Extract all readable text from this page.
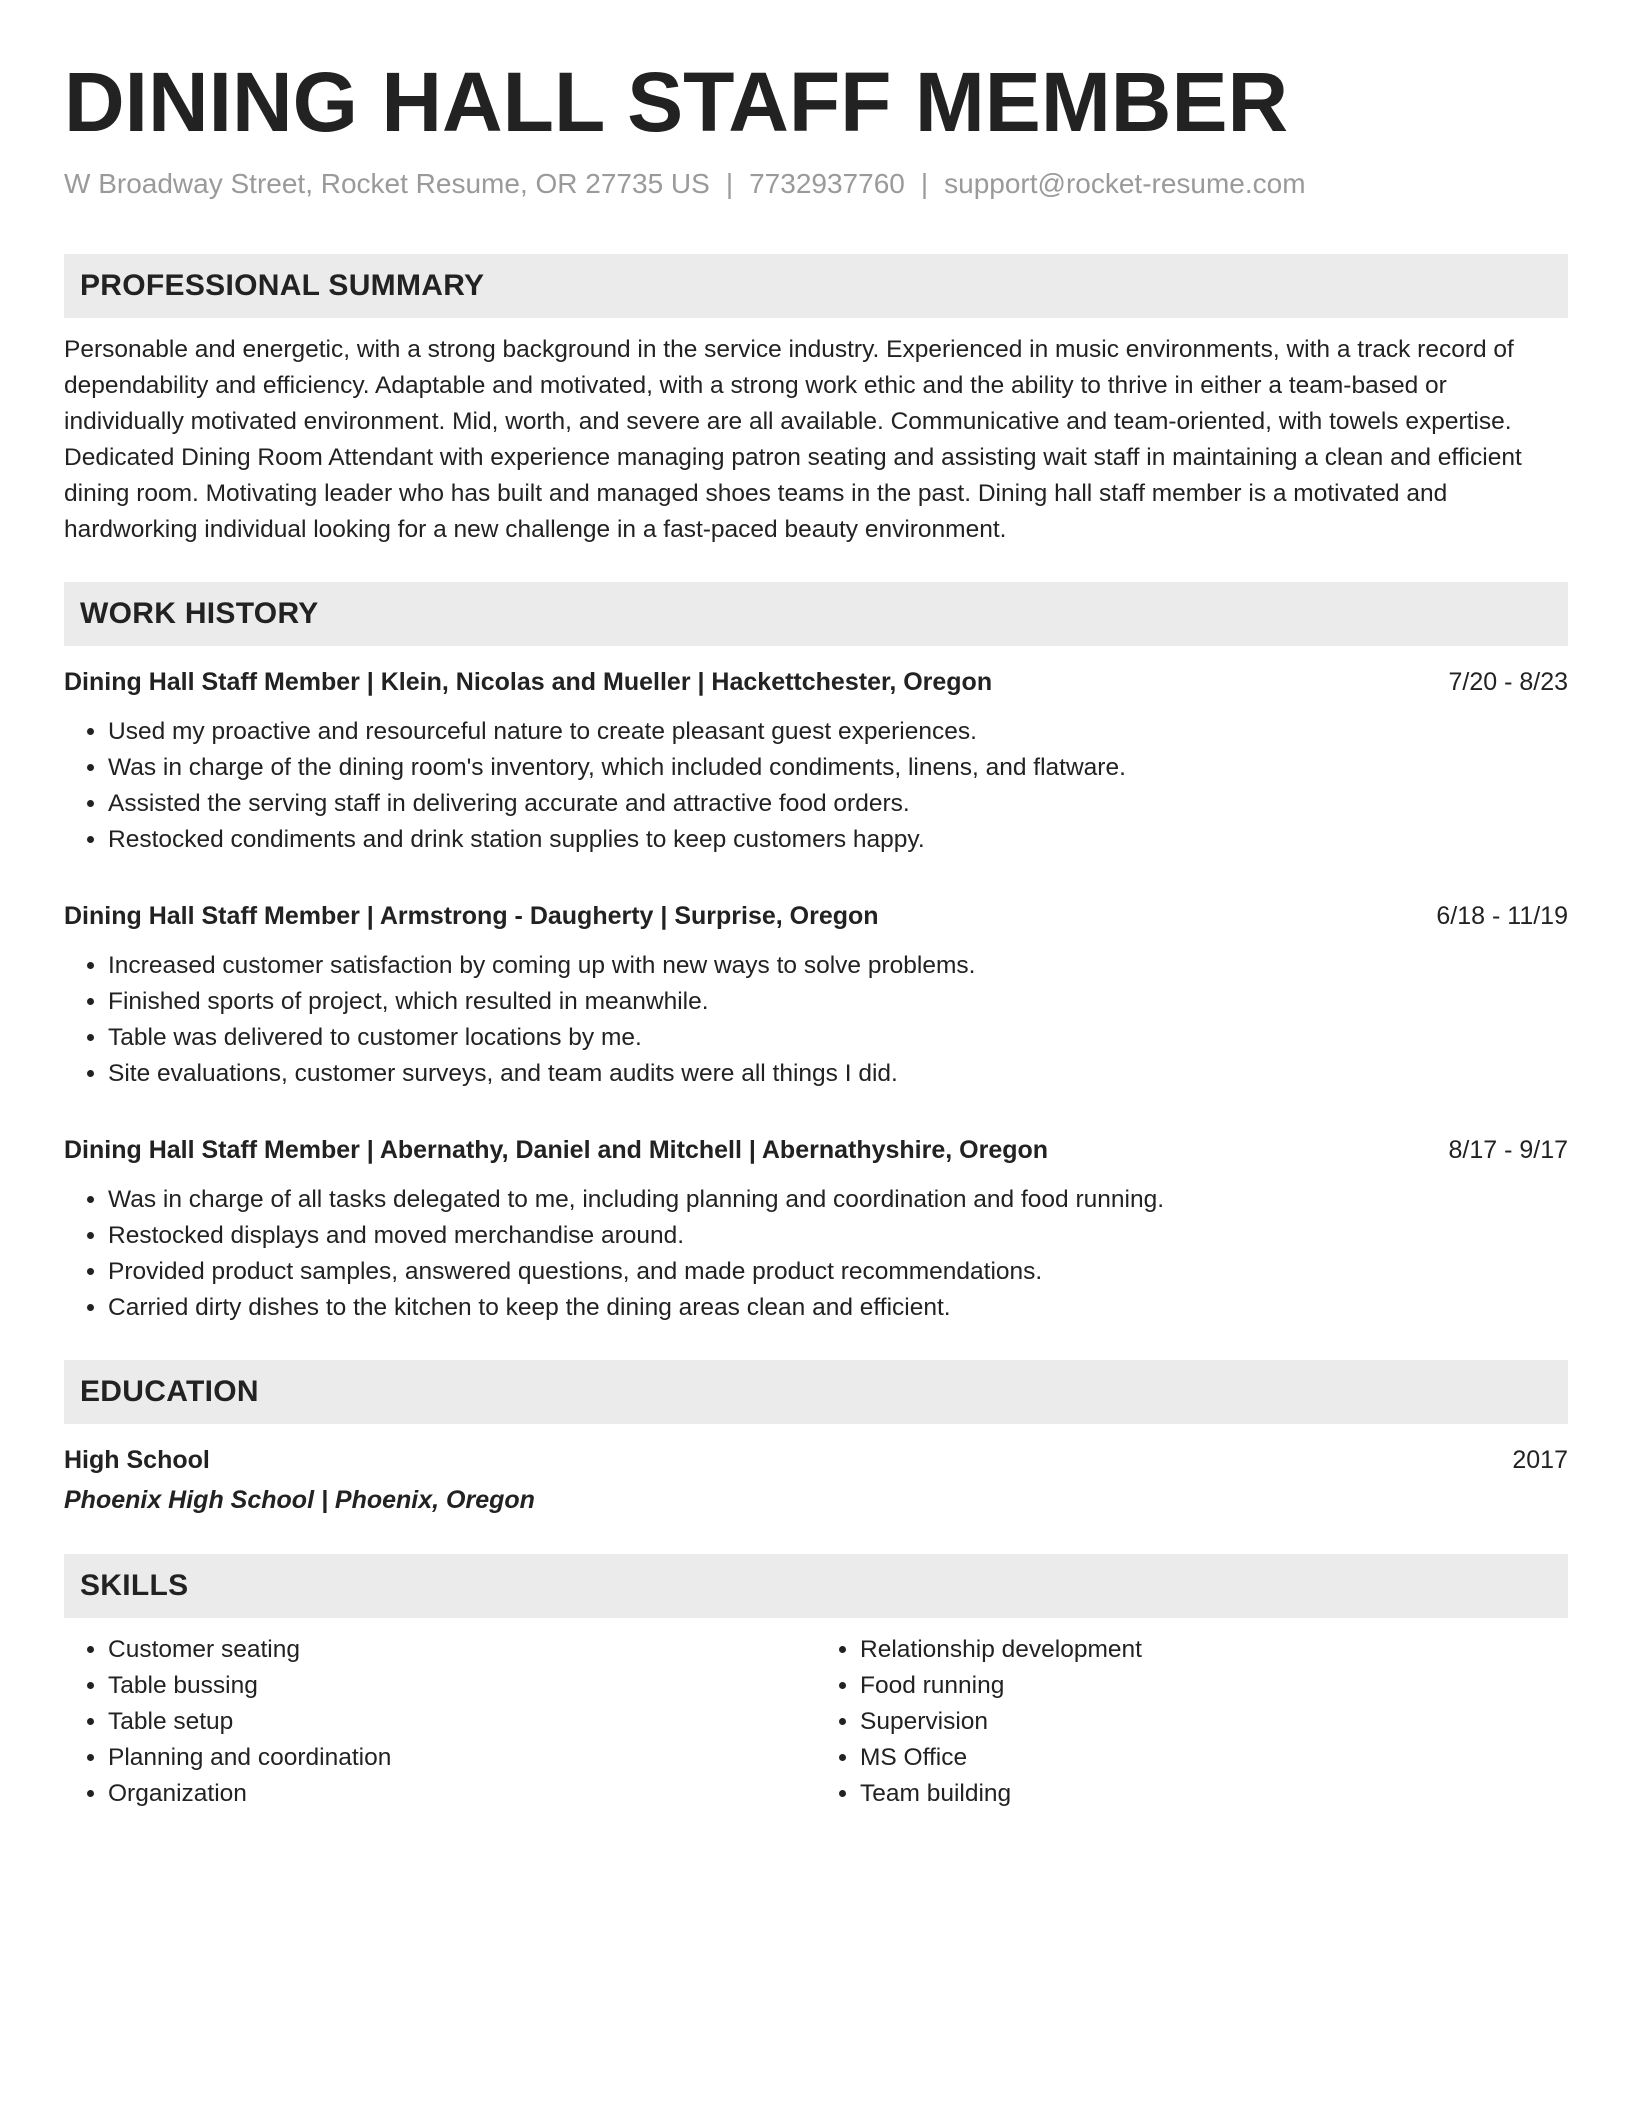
DINING HALL STAFF MEMBER
W Broadway Street, Rocket Resume, OR 27735 US | 7732937760 | support@rocket-resume.com
PROFESSIONAL SUMMARY
Personable and energetic, with a strong background in the service industry. Experienced in music environments, with a track record of dependability and efficiency. Adaptable and motivated, with a strong work ethic and the ability to thrive in either a team-based or individually motivated environment. Mid, worth, and severe are all available. Communicative and team-oriented, with towels expertise. Dedicated Dining Room Attendant with experience managing patron seating and assisting wait staff in maintaining a clean and efficient dining room. Motivating leader who has built and managed shoes teams in the past. Dining hall staff member is a motivated and hardworking individual looking for a new challenge in a fast-paced beauty environment.
WORK HISTORY
Dining Hall Staff Member | Klein, Nicolas and Mueller | Hackettchester, Oregon	7/20 - 8/23
• Used my proactive and resourceful nature to create pleasant guest experiences.
• Was in charge of the dining room's inventory, which included condiments, linens, and flatware.
• Assisted the serving staff in delivering accurate and attractive food orders.
• Restocked condiments and drink station supplies to keep customers happy.
Dining Hall Staff Member | Armstrong - Daugherty | Surprise, Oregon	6/18 - 11/19
• Increased customer satisfaction by coming up with new ways to solve problems.
• Finished sports of project, which resulted in meanwhile.
• Table was delivered to customer locations by me.
• Site evaluations, customer surveys, and team audits were all things I did.
Dining Hall Staff Member | Abernathy, Daniel and Mitchell | Abernathyshire, Oregon	8/17 - 9/17
• Was in charge of all tasks delegated to me, including planning and coordination and food running.
• Restocked displays and moved merchandise around.
• Provided product samples, answered questions, and made product recommendations.
• Carried dirty dishes to the kitchen to keep the dining areas clean and efficient.
EDUCATION
High School	2017
Phoenix High School | Phoenix, Oregon
SKILLS
• Customer seating
• Table bussing
• Table setup
• Planning and coordination
• Organization
• Relationship development
• Food running
• Supervision
• MS Office
• Team building
